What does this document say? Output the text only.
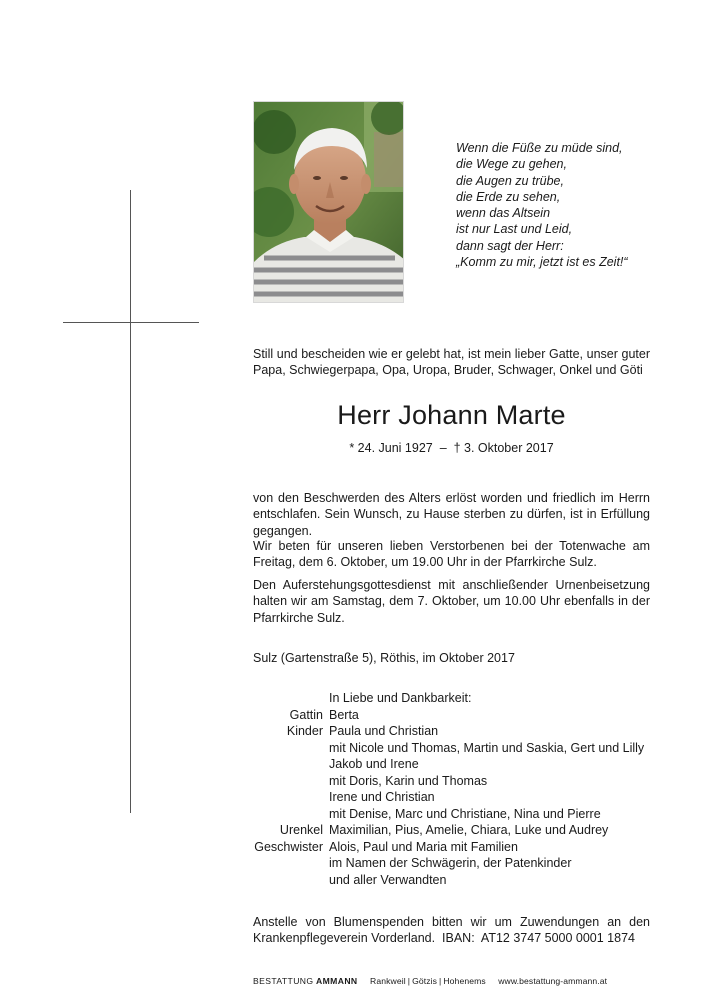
Wenn die Füße zu müde sind,
die Wege zu gehen,
die Augen zu trübe,
die Erde zu sehen,
wenn das Altsein
ist nur Last und Leid,
dann sagt der Herr:
„Komm zu mir, jetzt ist es Zeit!“
Still und bescheiden wie er gelebt hat, ist mein lieber Gatte, unser guter Papa, Schwiegerpapa, Opa, Uropa, Bruder, Schwager, Onkel und Göti
Herr Johann Marte
* 24. Juni 1927  –  † 3. Oktober 2017
von den Beschwerden des Alters erlöst worden und friedlich im Herrn entschlafen. Sein Wunsch, zu Hause sterben zu dürfen, ist in Erfüllung gegangen.
Wir beten für unseren lieben Verstorbenen bei der Totenwache am Freitag, dem 6. Oktober, um 19.00 Uhr in der Pfarrkirche Sulz.
Den Auferstehungsgottesdienst mit anschließender Urnenbeisetzung halten wir am Samstag, dem 7. Oktober, um 10.00 Uhr ebenfalls in der Pfarrkirche Sulz.
Sulz (Gartenstraße 5), Röthis, im Oktober 2017
In Liebe und Dankbarkeit:
Gattin Berta
Kinder Paula und Christian
mit Nicole und Thomas, Martin und Saskia, Gert und Lilly
Jakob und Irene
mit Doris, Karin und Thomas
Irene und Christian
mit Denise, Marc und Christiane, Nina und Pierre
Urenkel Maximilian, Pius, Amelie, Chiara, Luke und Audrey
Geschwister Alois, Paul und Maria mit Familien
im Namen der Schwägerin, der Patenkinder
und aller Verwandten
Anstelle von Blumenspenden bitten wir um Zuwendungen an den Krankenpflegeverein Vorderland.  IBAN:  AT12 3747 5000 0001 1874
BESTATTUNG AMMANN Rankweil | Götzis | Hohenems www.bestattung-ammann.at
